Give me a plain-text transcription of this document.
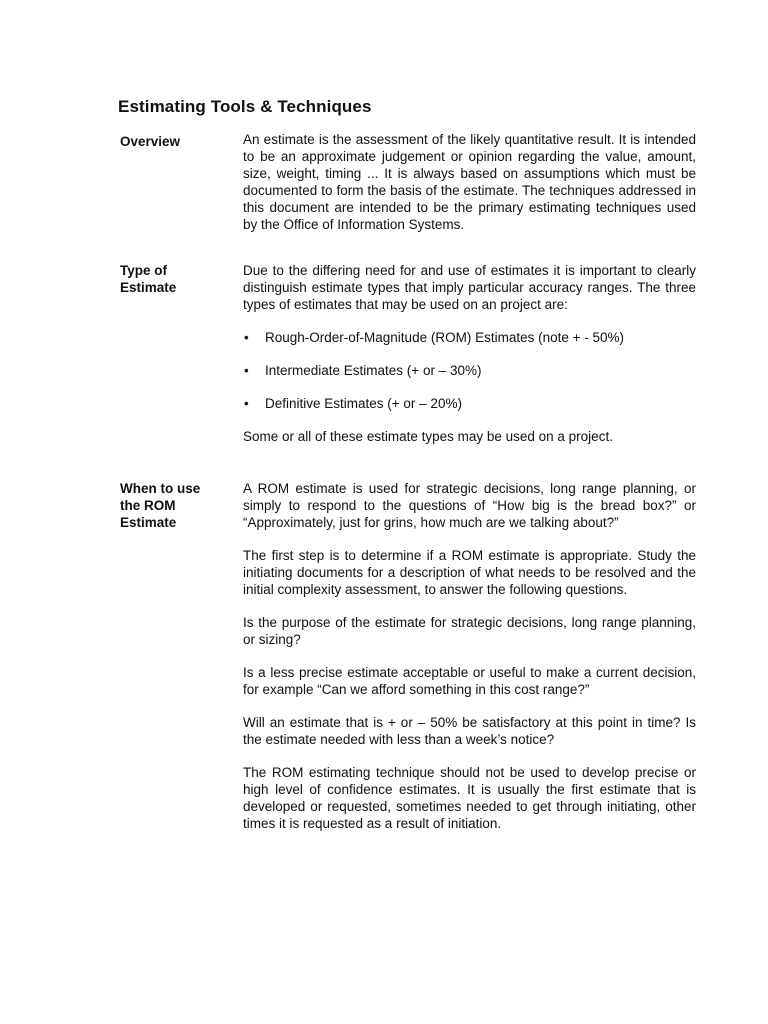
Estimating Tools & Techniques
Overview	An estimate is the assessment of the likely quantitative result. It is intended to be an approximate judgement or opinion regarding the value, amount, size, weight, timing ... It is always based on assumptions which must be documented to form the basis of the estimate. The techniques addressed in this document are intended to be the primary estimating techniques used by the Office of Information Systems.

Type of Estimate

Due to the differing need for and use of estimates it is important to clearly distinguish estimate types that imply particular accuracy ranges. The three types of estimates that may be used on an project are:

• Rough-Order-of-Magnitude (ROM) Estimates (note + - 50%)
• Intermediate Estimates (+ or – 30%)
• Definitive Estimates (+ or – 20%)

Some or all of these estimate types may be used on a project.

When to use the ROM Estimate

A ROM estimate is used for strategic decisions, long range planning, or simply to respond to the questions of “How big is the bread box?” or “Approximately, just for grins, how much are we talking about?”

The first step is to determine if a ROM estimate is appropriate. Study the initiating documents for a description of what needs to be resolved and the initial complexity assessment, to answer the following questions.

Is the purpose of the estimate for strategic decisions, long range planning, or sizing?

Is a less precise estimate acceptable or useful to make a current decision, for example “Can we afford something in this cost range?”

Will an estimate that is + or – 50% be satisfactory at this point in time? Is the estimate needed with less than a week’s notice?

The ROM estimating technique should not be used to develop precise or high level of confidence estimates. It is usually the first estimate that is developed or requested, sometimes needed to get through initiating, other times it is requested as a result of initiation.
